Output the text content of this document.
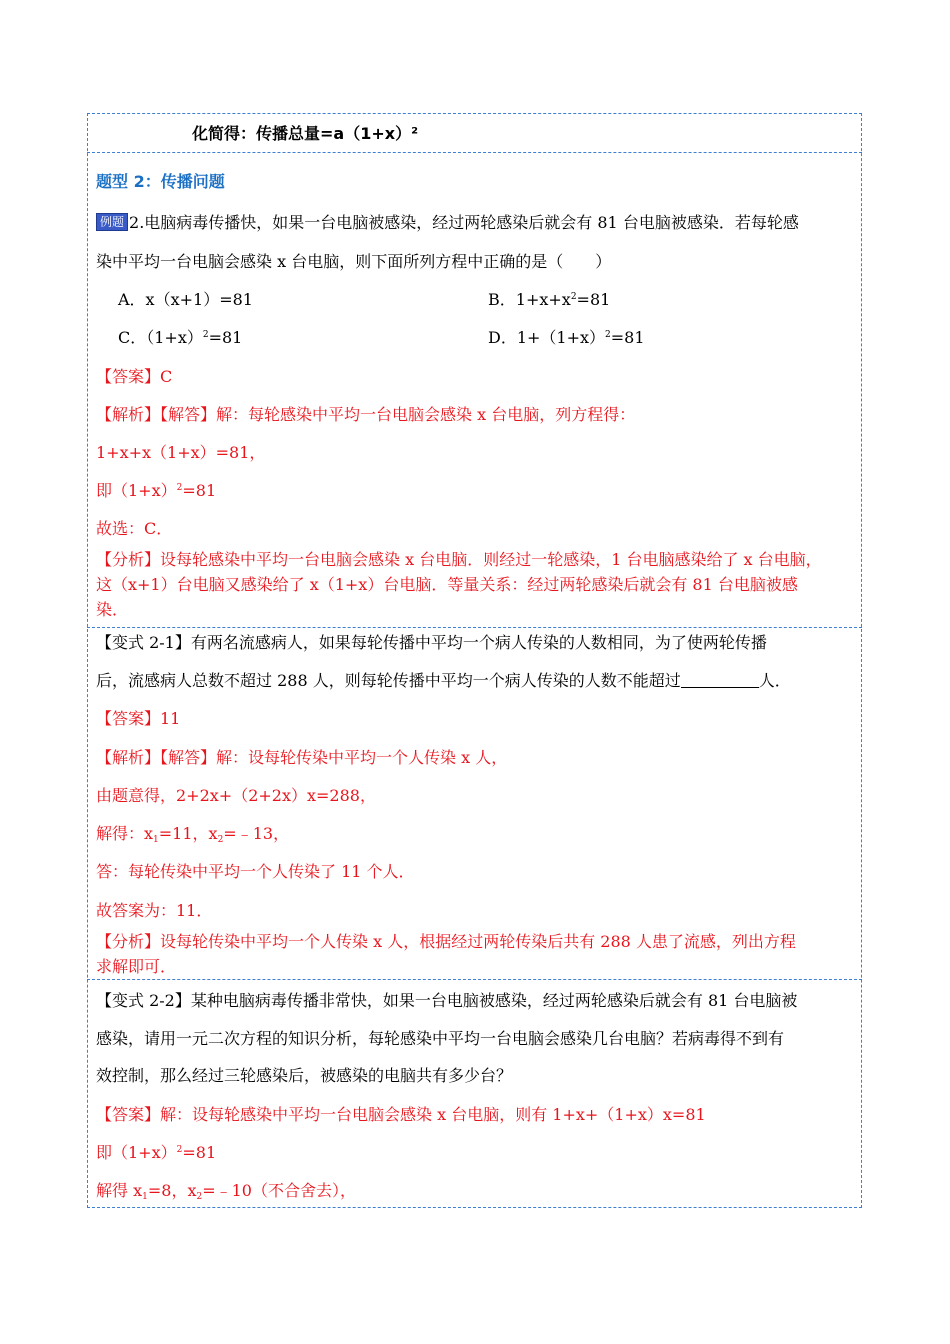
化简得：传播总量=a（1+x）²
题型 2：传播问题
例题 2.电脑病毒传播快，如果一台电脑被感染，经过两轮感染后就会有 81 台电脑被感染．若每轮感
染中平均一台电脑会感染 x 台电脑，则下面所列方程中正确的是（　　）
A．x（x+1）=81	B．$1+x+x^2=81$
C．$(1+x)^2=81$	D．$1+(1+x)^2=81$
【答案】C
【解析】【解答】解：每轮感染中平均一台电脑会感染 x 台电脑，列方程得：
1+x+x（1+x）=81，
即$(1+x)^2=81$
故选：C．
【分析】设每轮感染中平均一台电脑会感染 x 台电脑．则经过一轮感染，1 台电脑感染给了 x 台电脑，
这（x+1）台电脑又感染给了 x（1+x）台电脑．等量关系：经过两轮感染后就会有 81 台电脑被感
染．
【变式 2-1】有两名流感病人，如果每轮传播中平均一个病人传染的人数相同，为了使两轮传播
后，流感病人总数不超过 288 人，则每轮传播中平均一个病人传染的人数不能超过	人．
【答案】11
【解析】【解答】解：设每轮传染中平均一个人传染 x 人，
由题意得，2+2x+（2+2x）x=288，
解得：$x_1=11$，$x_2=﹣13$，
答：每轮传染中平均一个人传染了 11 个人．
故答案为：11．
【分析】设每轮传染中平均一个人传染 x 人，根据经过两轮传染后共有 288 人患了流感，列出方程
求解即可．
【变式 2-2】某种电脑病毒传播非常快，如果一台电脑被感染，经过两轮感染后就会有 81 台电脑被
感染，请用一元二次方程的知识分析，每轮感染中平均一台电脑会感染几台电脑？若病毒得不到有
效控制，那么经过三轮感染后，被感染的电脑共有多少台？
【答案】解：设每轮感染中平均一台电脑会感染 x 台电脑，则有 1+x+（1+x）x=81
即$(1+x)^2=81$
解得 $x_1=8$，$x_2=﹣10$（不合舍去），
